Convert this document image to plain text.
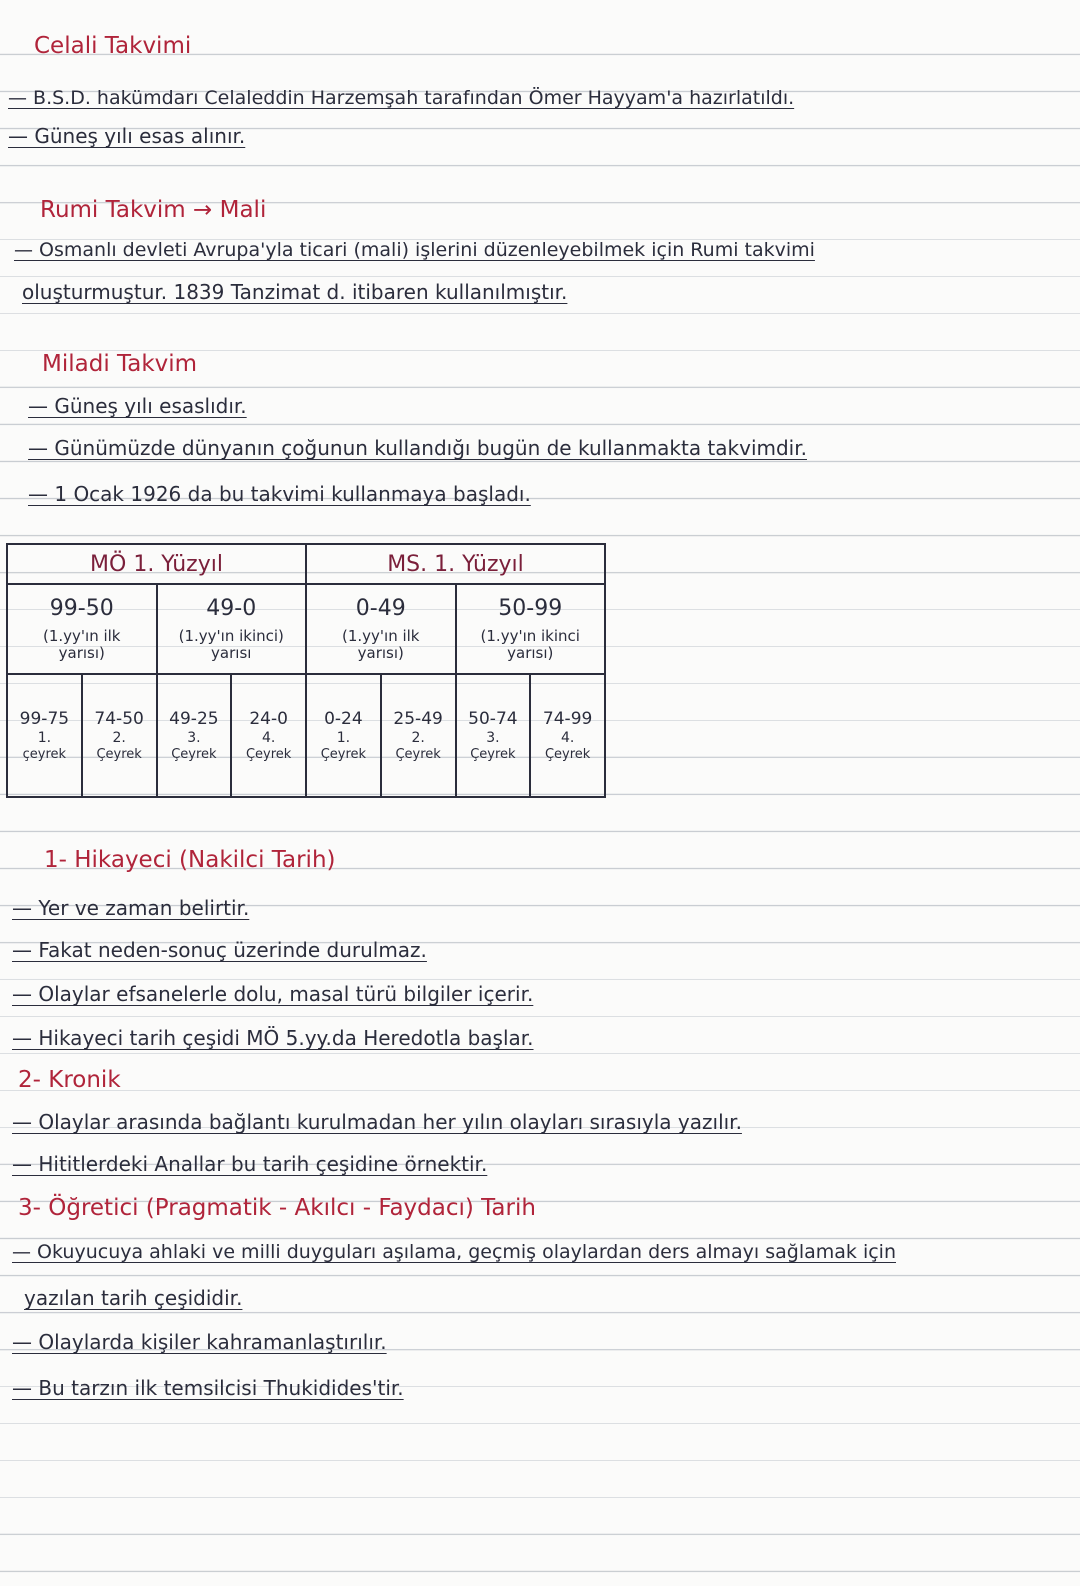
Celali Takvimi
— B.S.D. hakümdarı Celaleddin Harzemşah tarafından Ömer Hayyam'a hazırlatıldı.
— Güneş yılı esas alınır.
Rumi Takvim → Mali
— Osmanlı devleti Avrupa'yla ticari (mali) işlerini düzenleyebilmek için Rumi takvimi
oluşturmuştur. 1839 Tanzimat d. itibaren kullanılmıştır.
Miladi Takvim
— Güneş yılı esaslıdır.
— Günümüzde dünyanın çoğunun kullandığı bugün de kullanmakta takvimdir.
— 1 Ocak 1926 da bu takvimi kullanmaya başladı.
MÖ 1. Yüzyıl				MS. 1. Yüzyıl			

99-50
(1.yy'ın ilk
yarısı)		49-0
(1.yy'ın ikinci)
yarısı		0-49
(1.yy'ın ilk
yarısı)		50-99
(1.yy'ın ikinci
yarısı)	

99-75
1.
çeyrek	74-50
2.
Çeyrek	49-25
3.
Çeyrek	24-0
4.
Çeyrek	0-24
1.
Çeyrek	25-49
2.
Çeyrek	50-74
3.
Çeyrek	74-99
4.
Çeyrek
1- Hikayeci (Nakilci Tarih)
— Yer ve zaman belirtir.
— Fakat neden-sonuç üzerinde durulmaz.
— Olaylar efsanelerle dolu, masal türü bilgiler içerir.
— Hikayeci tarih çeşidi MÖ 5.yy.da Heredotla başlar.
2- Kronik
— Olaylar arasında bağlantı kurulmadan her yılın olayları sırasıyla yazılır.
— Hititlerdeki Anallar bu tarih çeşidine örnektir.
3- Öğretici (Pragmatik - Akılcı - Faydacı) Tarih
— Okuyucuya ahlaki ve milli duyguları aşılama, geçmiş olaylardan ders almayı sağlamak için
yazılan tarih çeşididir.
— Olaylarda kişiler kahramanlaştırılır.
— Bu tarzın ilk temsilcisi Thukidides'tir.
